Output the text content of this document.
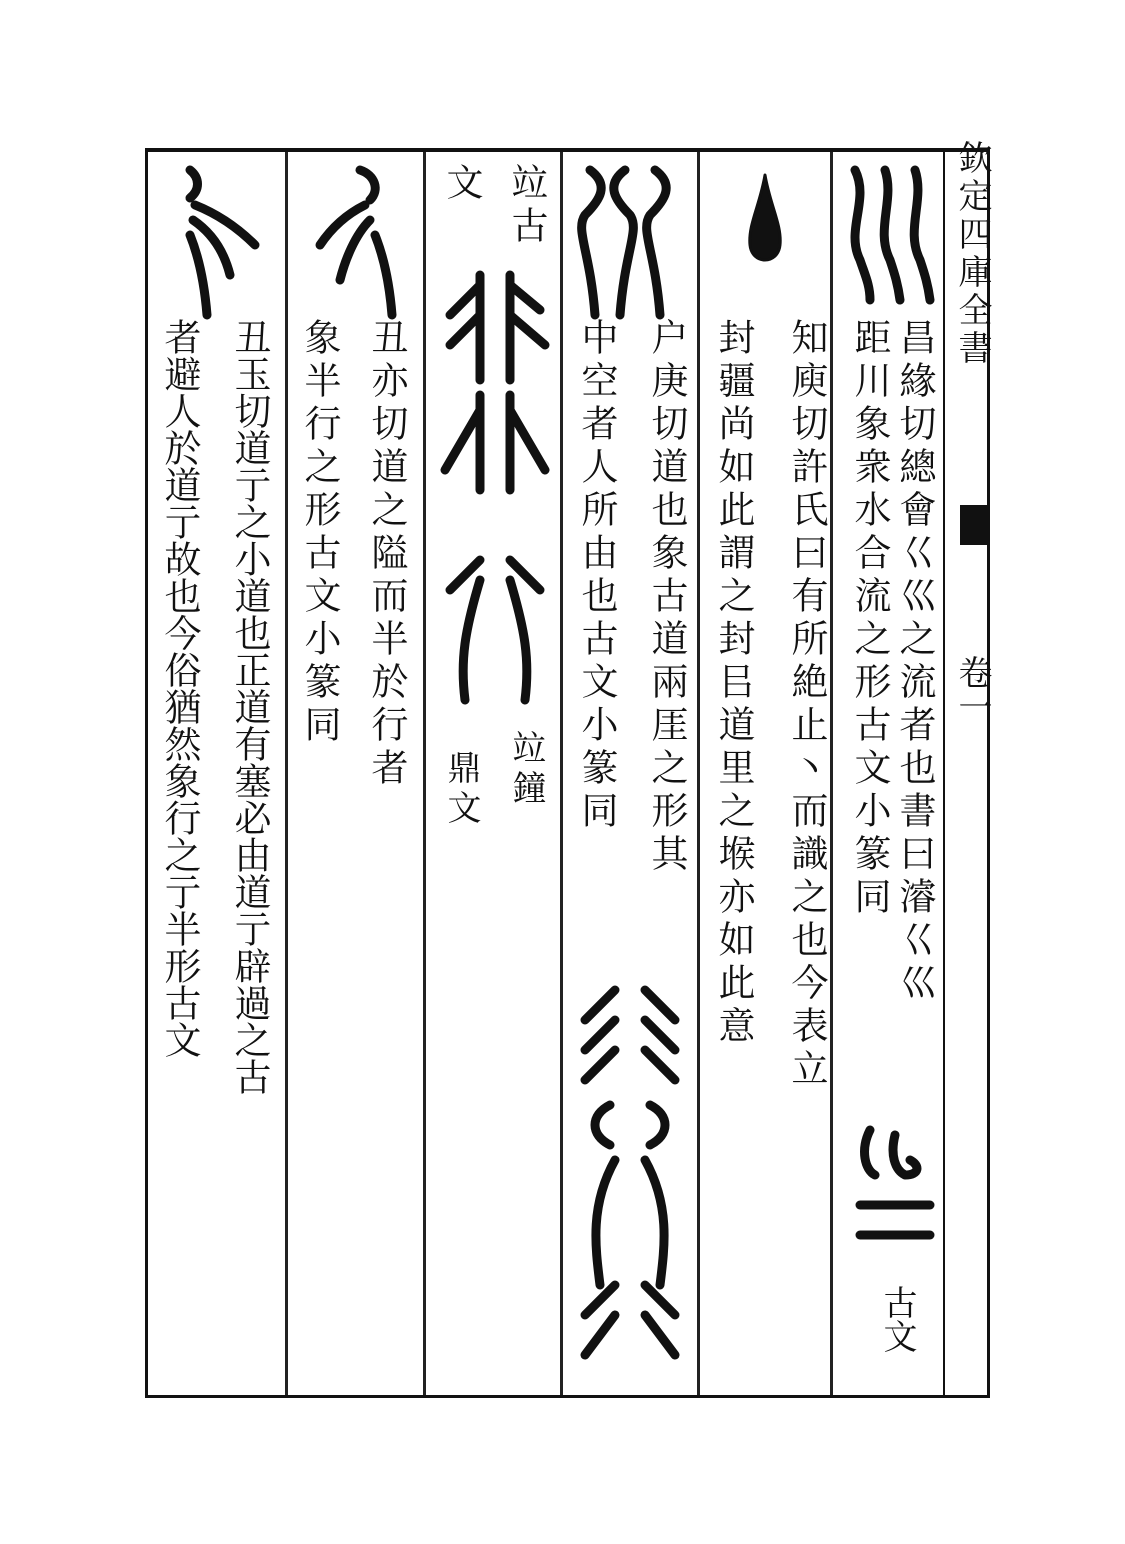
欽定四庫全書
卷一
昌緣切總會巜巛之流者也書曰濬巜巛
距川象衆水合流之形古文小篆同
古文
知庾切許氏曰有所絶止丶而識之也今表立
封疆尚如此謂之封㠯道里之堠亦如此意
户庚切道也象古道兩厓之形其
中空者人所由也古文小篆同
竝古
文
竝鐘
鼎文
丑亦切道之隘而半於行者
象半行之形古文小篆同
丑玉切道亍之小道也正道有塞必由道亍辟過之古
者避人於道亍故也今俗猶然象行之亍半形古文
